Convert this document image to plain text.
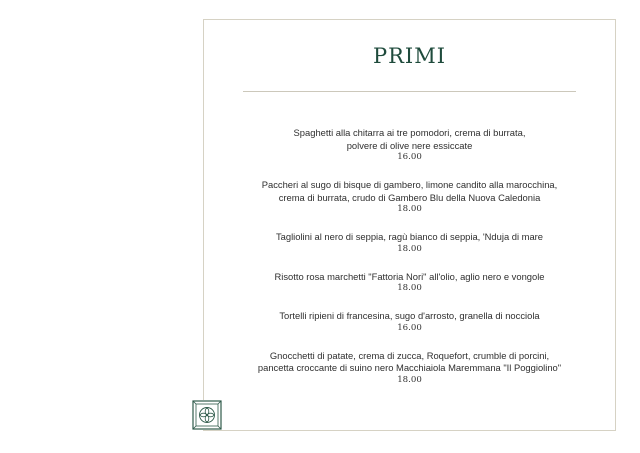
PRIMI
Spaghetti alla chitarra ai tre pomodori, crema di burrata,
polvere di olive nere essiccate
16.00
Paccheri al sugo di bisque di gambero, limone candito alla marocchina,
crema di burrata, crudo di Gambero Blu della Nuova Caledonia
18.00
Tagliolini al nero di seppia, ragù bianco di seppia, 'Nduja di mare
18.00
Risotto rosa marchetti "Fattoria Nori" all'olio, aglio nero e vongole
18.00
Tortelli ripieni di francesina, sugo d'arrosto, granella di nocciola
16.00
Gnocchetti di patate, crema di zucca, Roquefort, crumble di porcini,
pancetta croccante di suino nero Macchiaiola Maremmana "Il Poggiolino"
18.00
